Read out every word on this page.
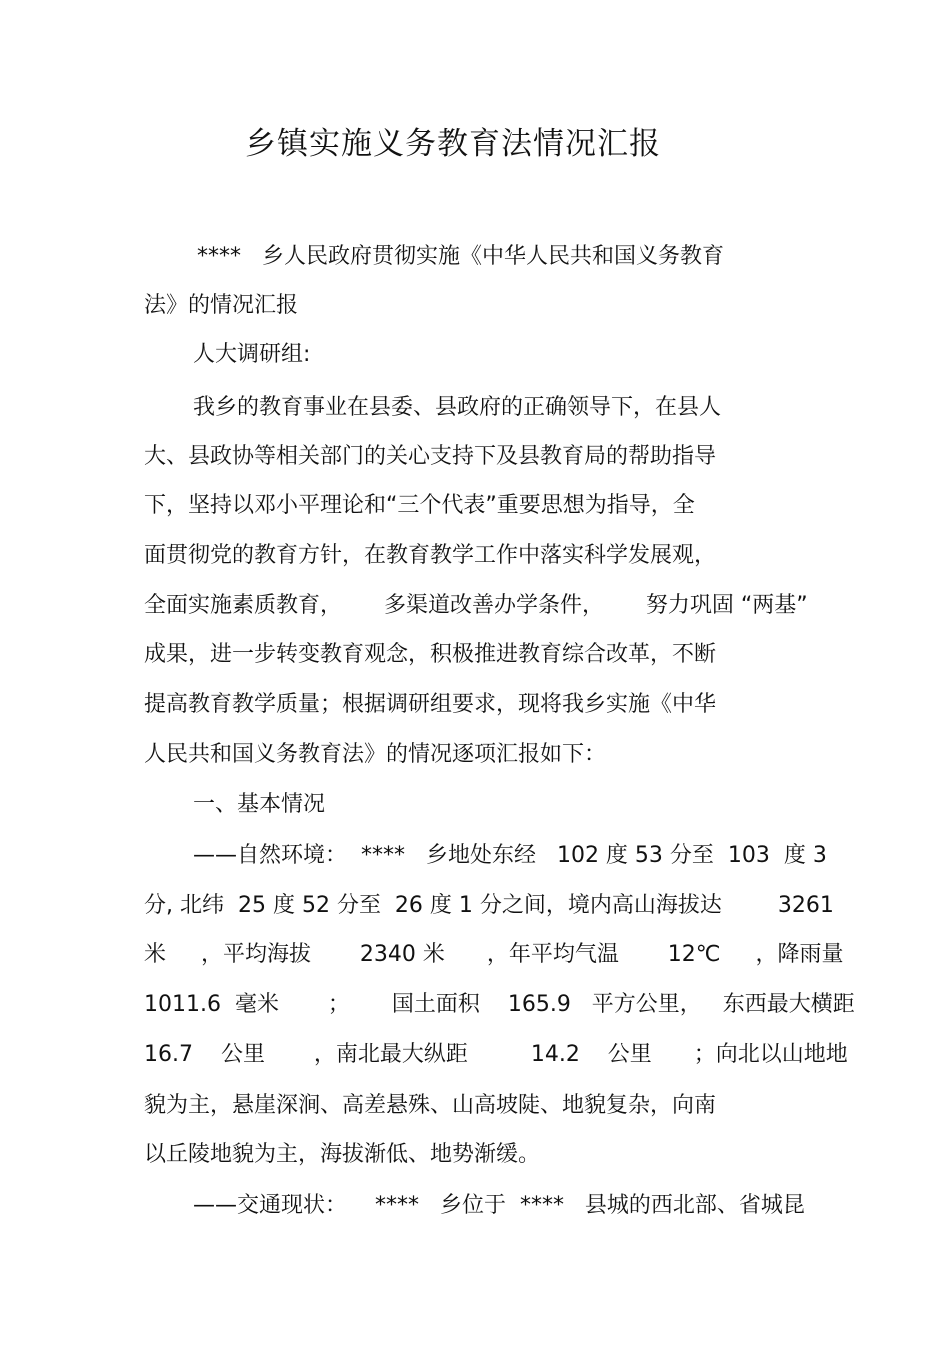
乡镇实施义务教育法情况汇报
****   乡人民政府贯彻实施《中华人民共和国义务教育
法》的情况汇报
人大调研组:
我乡的教育事业在县委、县政府的正确领导下，在县人
大、县政协等相关部门的关心支持下及县教育局的帮助指导
下，坚持以邓小平理论和“三个代表”重要思想为指导，全
面贯彻党的教育方针，在教育教学工作中落实科学发展观，
全面实施素质教育，      多渠道改善办学条件，      努力巩固 “两基”
成果，进一步转变教育观念，积极推进教育综合改革，不断
提高教育教学质量；根据调研组要求，现将我乡实施《中华
人民共和国义务教育法》的情况逐项汇报如下：
一、基本情况
——自然环境：  ****   乡地处东经   102 度 53 分至  103  度 3
分, 北纬  25 度 52 分至  26 度 1 分之间，境内高山海拔达        3261
米     ，平均海拔       2340 米      ，年平均气温       12℃     ，降雨量
1011.6  毫米       ；      国土面积    165.9   平方公里，   东西最大横距
16.7    公里       ，南北最大纵距         14.2    公里      ；向北以山地地
貌为主，悬崖深涧、高差悬殊、山高坡陡、地貌复杂，向南
以丘陵地貌为主，海拔渐低、地势渐缓。
——交通现状：    ****   乡位于  ****   县城的西北部、省城昆
